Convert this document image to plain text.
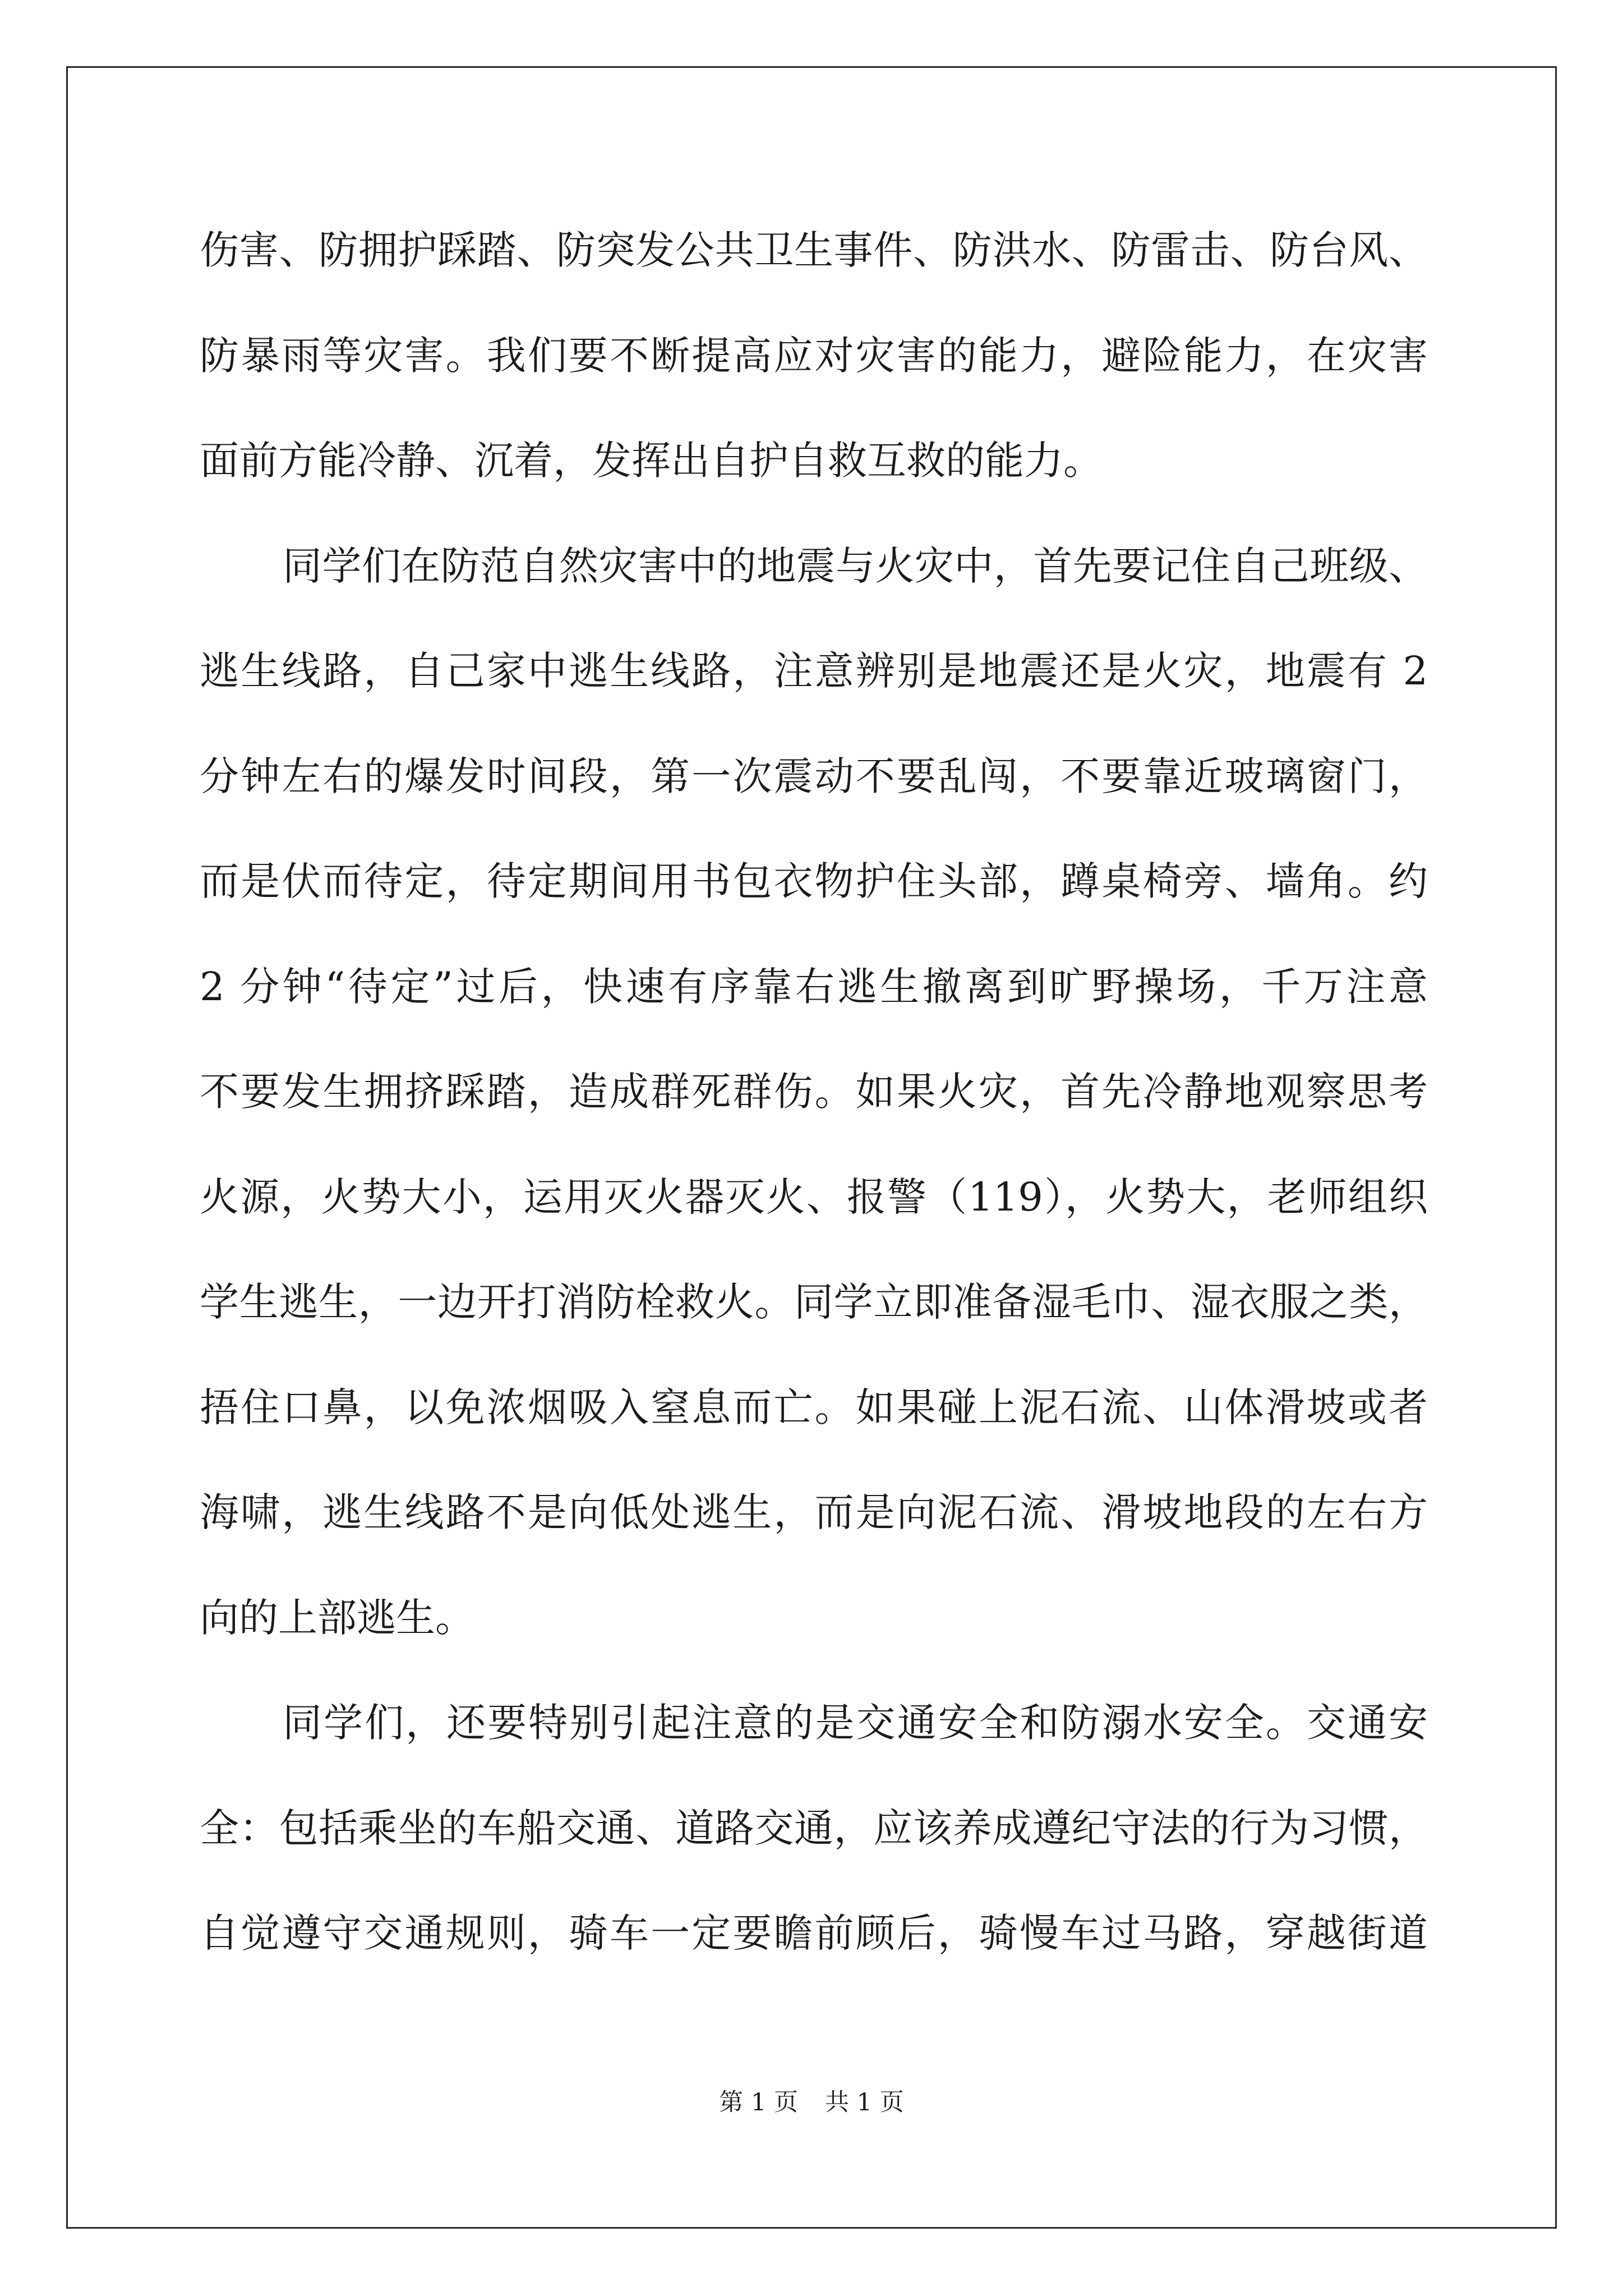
伤害、防拥护踩踏、防突发公共卫生事件、防洪水、防雷击、防台风、
防暴雨等灾害。我们要不断提高应对灾害的能力，避险能力，在灾害
面前方能冷静、沉着，发挥出自护自救互救的能力。
同学们在防范自然灾害中的地震与火灾中，首先要记住自己班级、
逃生线路，自己家中逃生线路，注意辨别是地震还是火灾，地震有 2
分钟左右的爆发时间段，第一次震动不要乱闯，不要靠近玻璃窗门，
而是伏而待定，待定期间用书包衣物护住头部，蹲桌椅旁、墙角。约
2 分钟“待定”过后，快速有序靠右逃生撤离到旷野操场，千万注意
不要发生拥挤踩踏，造成群死群伤。如果火灾，首先冷静地观察思考
火源，火势大小，运用灭火器灭火、报警（119），火势大，老师组织
学生逃生，一边开打消防栓救火。同学立即准备湿毛巾、湿衣服之类，
捂住口鼻，以免浓烟吸入窒息而亡。如果碰上泥石流、山体滑坡或者
海啸，逃生线路不是向低处逃生，而是向泥石流、滑坡地段的左右方
向的上部逃生。
同学们，还要特别引起注意的是交通安全和防溺水安全。交通安
全：包括乘坐的车船交通、道路交通，应该养成遵纪守法的行为习惯，
自觉遵守交通规则，骑车一定要瞻前顾后，骑慢车过马路，穿越街道
第 1 页 共 1 页
